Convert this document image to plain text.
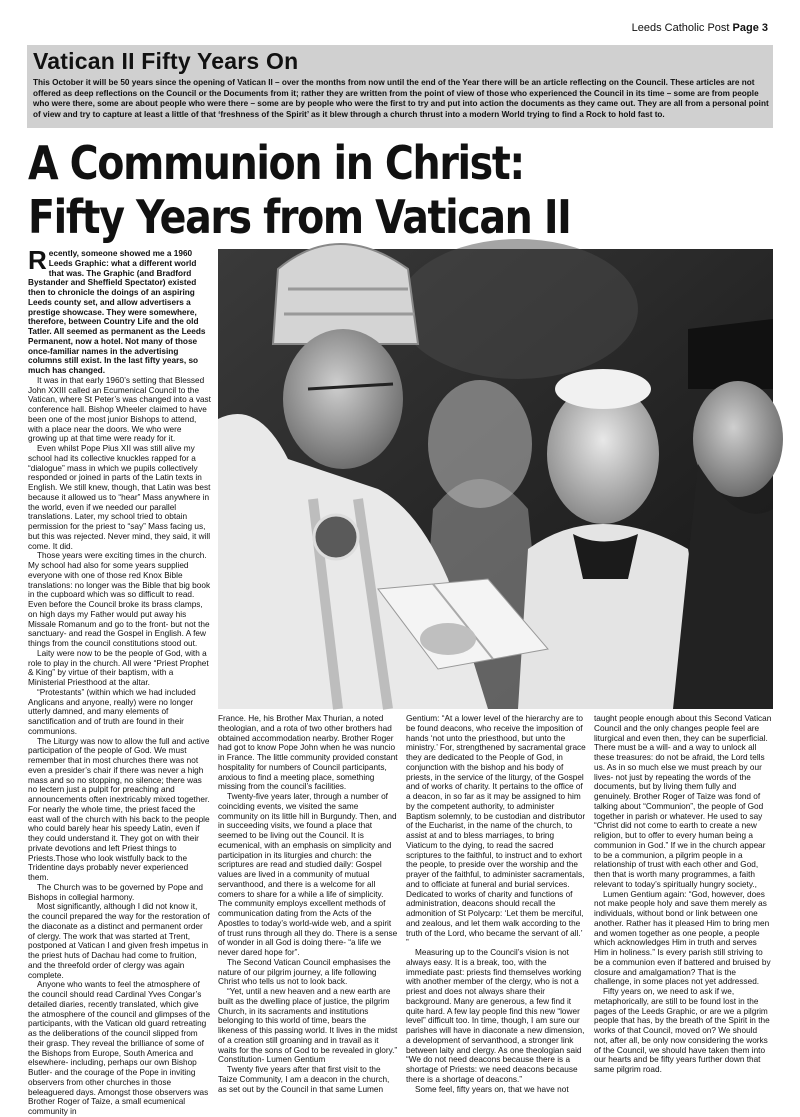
Leeds Catholic Post Page 3
Vatican II Fifty Years On
This October it will be 50 years since the opening of Vatican II – over the months from now until the end of the Year there will be an article reflecting on the Council. These articles are not offered as deep reflections on the Council or the Documents from it; rather they are written from the point of view of those who experienced the Council in its time – some are from people who were there, some are about people who were there – some are by people who were the first to try and put into action the documents as they came out. They are all from a personal point of view and try to capture at least a little of that ‘freshness of the Spirit’ as it blew through a church thrust into a modern World trying to find a Rock to hold fast to.
A Communion in Christ:
Fifty Years from Vatican II

Recently, someone showed me a 1960 Leeds Graphic: what a different world that was. The Graphic (and Bradford Bystander and Sheffield Spectator) existed then to chronicle the doings of an aspiring Leeds county set, and allow advertisers a prestige showcase. They were somewhere, therefore, between Country Life and the old Tatler. All seemed as permanent as the Leeds Permanent, now a hotel. Not many of those once-familiar names in the advertising columns still exist. In the last fifty years, so much has changed.

It was in that early 1960’s setting that Blessed John XXIII called an Ecumenical Council to the Vatican, where St Peter’s was changed into a vast conference hall. Bishop Wheeler claimed to have been one of the most junior Bishops to attend, with a place near the doors. We who were growing up at that time were ready for it.

Even whilst Pope Pius XII was still alive my school had its collective knuckles rapped for a “dialogue” mass in which we pupils collectively responded or joined in parts of the Latin texts in English. We still knew, though, that Latin was best because it allowed us to “hear” Mass anywhere in the world, even if we needed our parallel translations. Later, my school tried to obtain permission for the priest to “say” Mass facing us, but this was rejected. Never mind, they said, it will come. It did.

Those years were exciting times in the church. My school had also for some years supplied everyone with one of those red Knox Bible translations: no longer was the Bible that big book in the cupboard which was so difficult to read. Even before the Council broke its brass clamps, on high days my Father would put away his Missale Romanum and go to the front- but not the sanctuary- and read the Gospel in English. A few things from the council constitutions stood out.

Laity were now to be the people of God, with a role to play in the church. All were “Priest Prophet & King” by virtue of their baptism, with a Ministerial Priesthood at the altar.

“Protestants” (within which we had included Anglicans and anyone, really) were no longer utterly damned, and many elements of sanctification and of truth are found in their communions.

The Liturgy was now to allow the full and active participation of the people of God. We must remember that in most churches there was not even a presider’s chair if there was never a high mass and so no stopping, no silence; there was no lectern just a pulpit for preaching and announcements often inextricably mixed together. For nearly the whole time, the priest faced the east wall of the church with his back to the people who could barely hear his speedy Latin, even if they could understand it. They got on with their private devotions and left Priest things to Priests.Those who look wistfully back to the Tridentine days probably never experienced them.

The Church was to be governed by Pope and Bishops in collegial harmony.

Most significantly, although I did not know it, the council prepared the way for the restoration of the diaconate as a distinct and permanent order of clergy. The work that was started at Trent, postponed at Vatican I and given fresh impetus in the priest huts of Dachau had come to fruition, and the threefold order of clergy was again complete.

Anyone who wants to feel the atmosphere of the council should read Cardinal Yves Congar’s detailed diaries, recently translated, which give the atmosphere of the council and glimpses of the participants, with the Vatican old guard retreating as the deliberations of the council slipped from their grasp. They reveal the brilliance of some of the Bishops from Europe, South America and elsewhere- including, perhaps our own Bishop Butler- and the courage of the Pope in inviting observers from other churches in those beleaguered days. Amongst those observers was Brother Roger of Taize, a small ecumenical community in

France. He, his Brother Max Thurian, a noted theologian, and a rota of two other brothers had obtained accommodation nearby. Brother Roger had got to know Pope John when he was nuncio in France. The little community provided constant hospitality for numbers of Council participants, anxious to find a meeting place, something missing from the council’s facilities.

Twenty-five years later, through a number of coinciding events, we visited the same community on its little hill in Burgundy. Then, and in succeeding visits, we found a place that seemed to be living out the Council. It is ecumenical, with an emphasis on simplicity and participation in its liturgies and church: the scriptures are read and studied daily: Gospel values are lived in a community of mutual servanthood, and there is a welcome for all comers to share for a while a life of simplicity. The community employs excellent methods of communication dating from the Acts of the Apostles to today’s world-wide web, and a spirit of trust runs through all they do. There is a sense of wonder in all God is doing there- “a life we never dared hope for”.

The Second Vatican Council emphasises the nature of our pilgrim journey, a life following Christ who tells us not to look back.

“Yet, until a new heaven and a new earth are built as the dwelling place of justice, the pilgrim Church, in its sacraments and institutions belonging to this world of time, bears the likeness of this passing world. It lives in the midst of a creation still groaning and in travail as it waits for the sons of God to be revealed in glory.” Constitution- Lumen Gentium

Twenty five years after that first visit to the Taize Community, I am a deacon in the church, as set out by the Council in that same Lumen

Gentium: “At a lower level of the hierarchy are to be found deacons, who receive the imposition of hands ‘not unto the priesthood, but unto the ministry.’ For, strengthened by sacramental grace they are dedicated to the People of God, in conjunction with the bishop and his body of priests, in the service of the liturgy, of the Gospel and of works of charity. It pertains to the office of a deacon, in so far as it may be assigned to him by the competent authority, to administer Baptism solemnly, to be custodian and distributor of the Eucharist, in the name of the church, to assist at and to bless marriages, to bring Viaticum to the dying, to read the sacred scriptures to the faithful, to instruct and to exhort the people, to preside over the worship and the prayer of the faithful, to administer sacramentals, and to officiate at funeral and burial services. Dedicated to works of charity and functions of administration, deacons should recall the admonition of St Polycarp: ‘Let them be merciful, and zealous, and let them walk according to the truth of the Lord, who became the servant of all.’ ”

Measuring up to the Council’s vision is not always easy. It is a break, too, with the immediate past: priests find themselves working with another member of the clergy, who is not a priest and does not always share their background. Many are generous, a few find it quite hard. A few lay people find this new “lower level” difficult too. In time, though, I am sure our parishes will have in diaconate a new dimension, a development of servanthood, a stronger link between laity and clergy. As one theologian said “We do not need deacons because there is a shortage of Priests: we need deacons because there is a shortage of deacons.”

Some feel, fifty years on, that we have not

taught people enough about this Second Vatican Council and the only changes people feel are liturgical and even then, they can be superficial. There must be a will- and a way to unlock all these treasures: do not be afraid, the Lord tells us. As in so much else we must preach by our lives- not just by repeating the words of the documents, but by living them fully and genuinely. Brother Roger of Taize was fond of talking about “Communion”, the people of God together in parish or whatever. He used to say “Christ did not come to earth to create a new religion, but to offer to every human being a communion in God.” If we in the church appear to be a communion, a pilgrim people in a relationship of trust with each other and God, then that is worth many programmes, a faith relevant to today’s spiritually hungry society.,

Lumen Gentium again: “God, however, does not make people holy and save them merely as individuals, without bond or link between one another. Rather has it pleased Him to bring men and women together as one people, a people which acknowledges Him in truth and serves Him in holiness.” Is every parish still striving to be a communion even if battered and bruised by closure and amalgamation? That is the challenge, in some places not yet addressed.

Fifty years on, we need to ask if we, metaphorically, are still to be found lost in the pages of the Leeds Graphic, or are we a pilgrim people that has, by the breath of the Spirit in the works of that Council, moved on? We should not, after all, be only now considering the works of the Council, we should have taken them into our hearts and be fifty years further down that same pilgrim road.
